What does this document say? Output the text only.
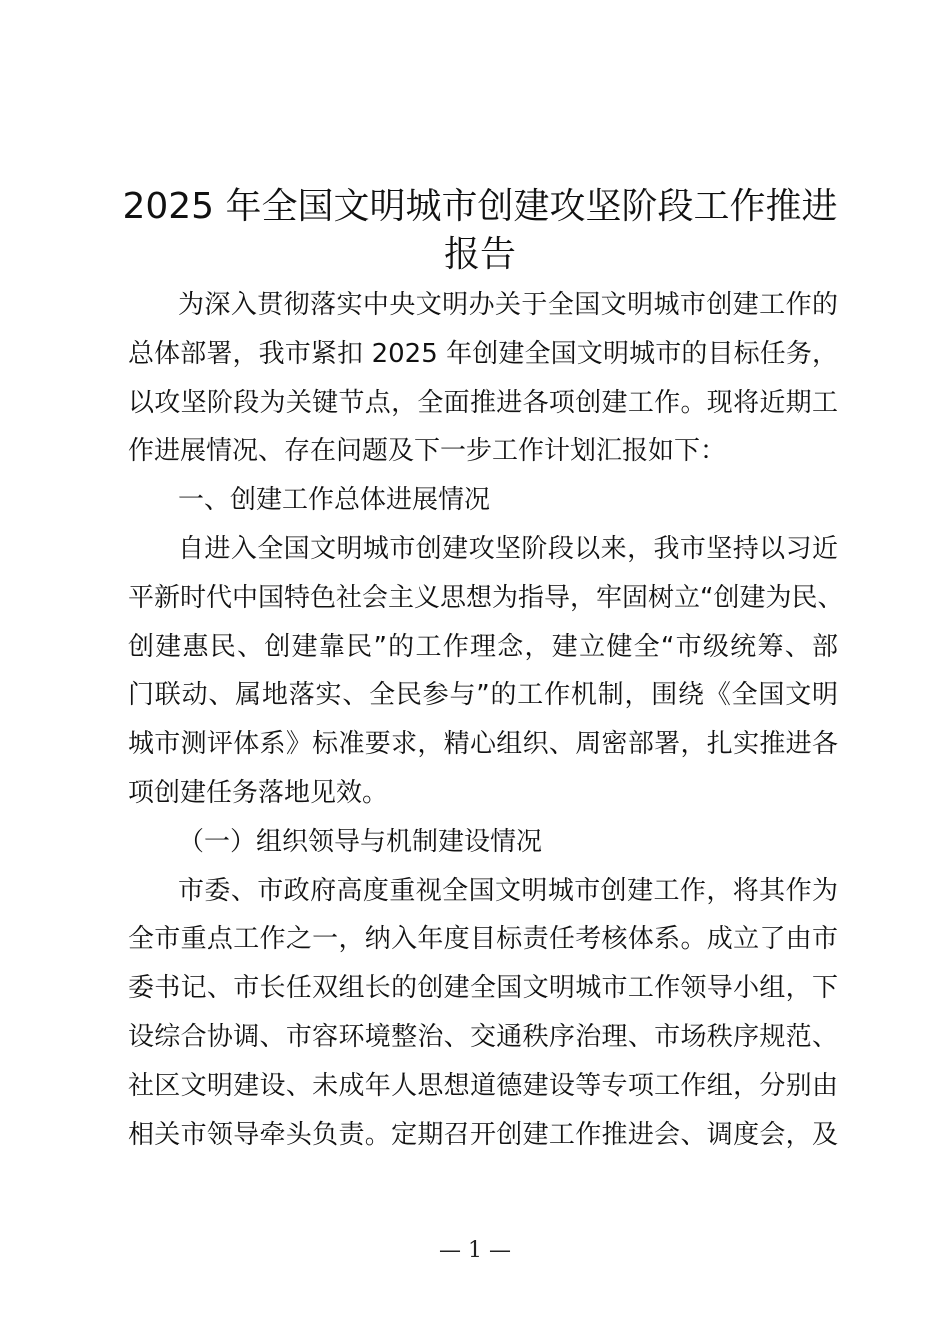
2025 年全国文明城市创建攻坚阶段工作推进
报告
为深入贯彻落实中央文明办关于全国文明城市创建工作的
总体部署，我市紧扣 2025 年创建全国文明城市的目标任务，
以攻坚阶段为关键节点，全面推进各项创建工作。现将近期工
作进展情况、存在问题及下一步工作计划汇报如下：
一、创建工作总体进展情况
自进入全国文明城市创建攻坚阶段以来，我市坚持以习近
平新时代中国特色社会主义思想为指导，牢固树立“创建为民、
创建惠民、创建靠民”的工作理念，建立健全“市级统筹、部
门联动、属地落实、全民参与”的工作机制，围绕《全国文明
城市测评体系》标准要求，精心组织、周密部署，扎实推进各
项创建任务落地见效。
（一）组织领导与机制建设情况
市委、市政府高度重视全国文明城市创建工作，将其作为
全市重点工作之一，纳入年度目标责任考核体系。成立了由市
委书记、市长任双组长的创建全国文明城市工作领导小组，下
设综合协调、市容环境整治、交通秩序治理、市场秩序规范、
社区文明建设、未成年人思想道德建设等专项工作组，分别由
相关市领导牵头负责。定期召开创建工作推进会、调度会，及
— 1 —
